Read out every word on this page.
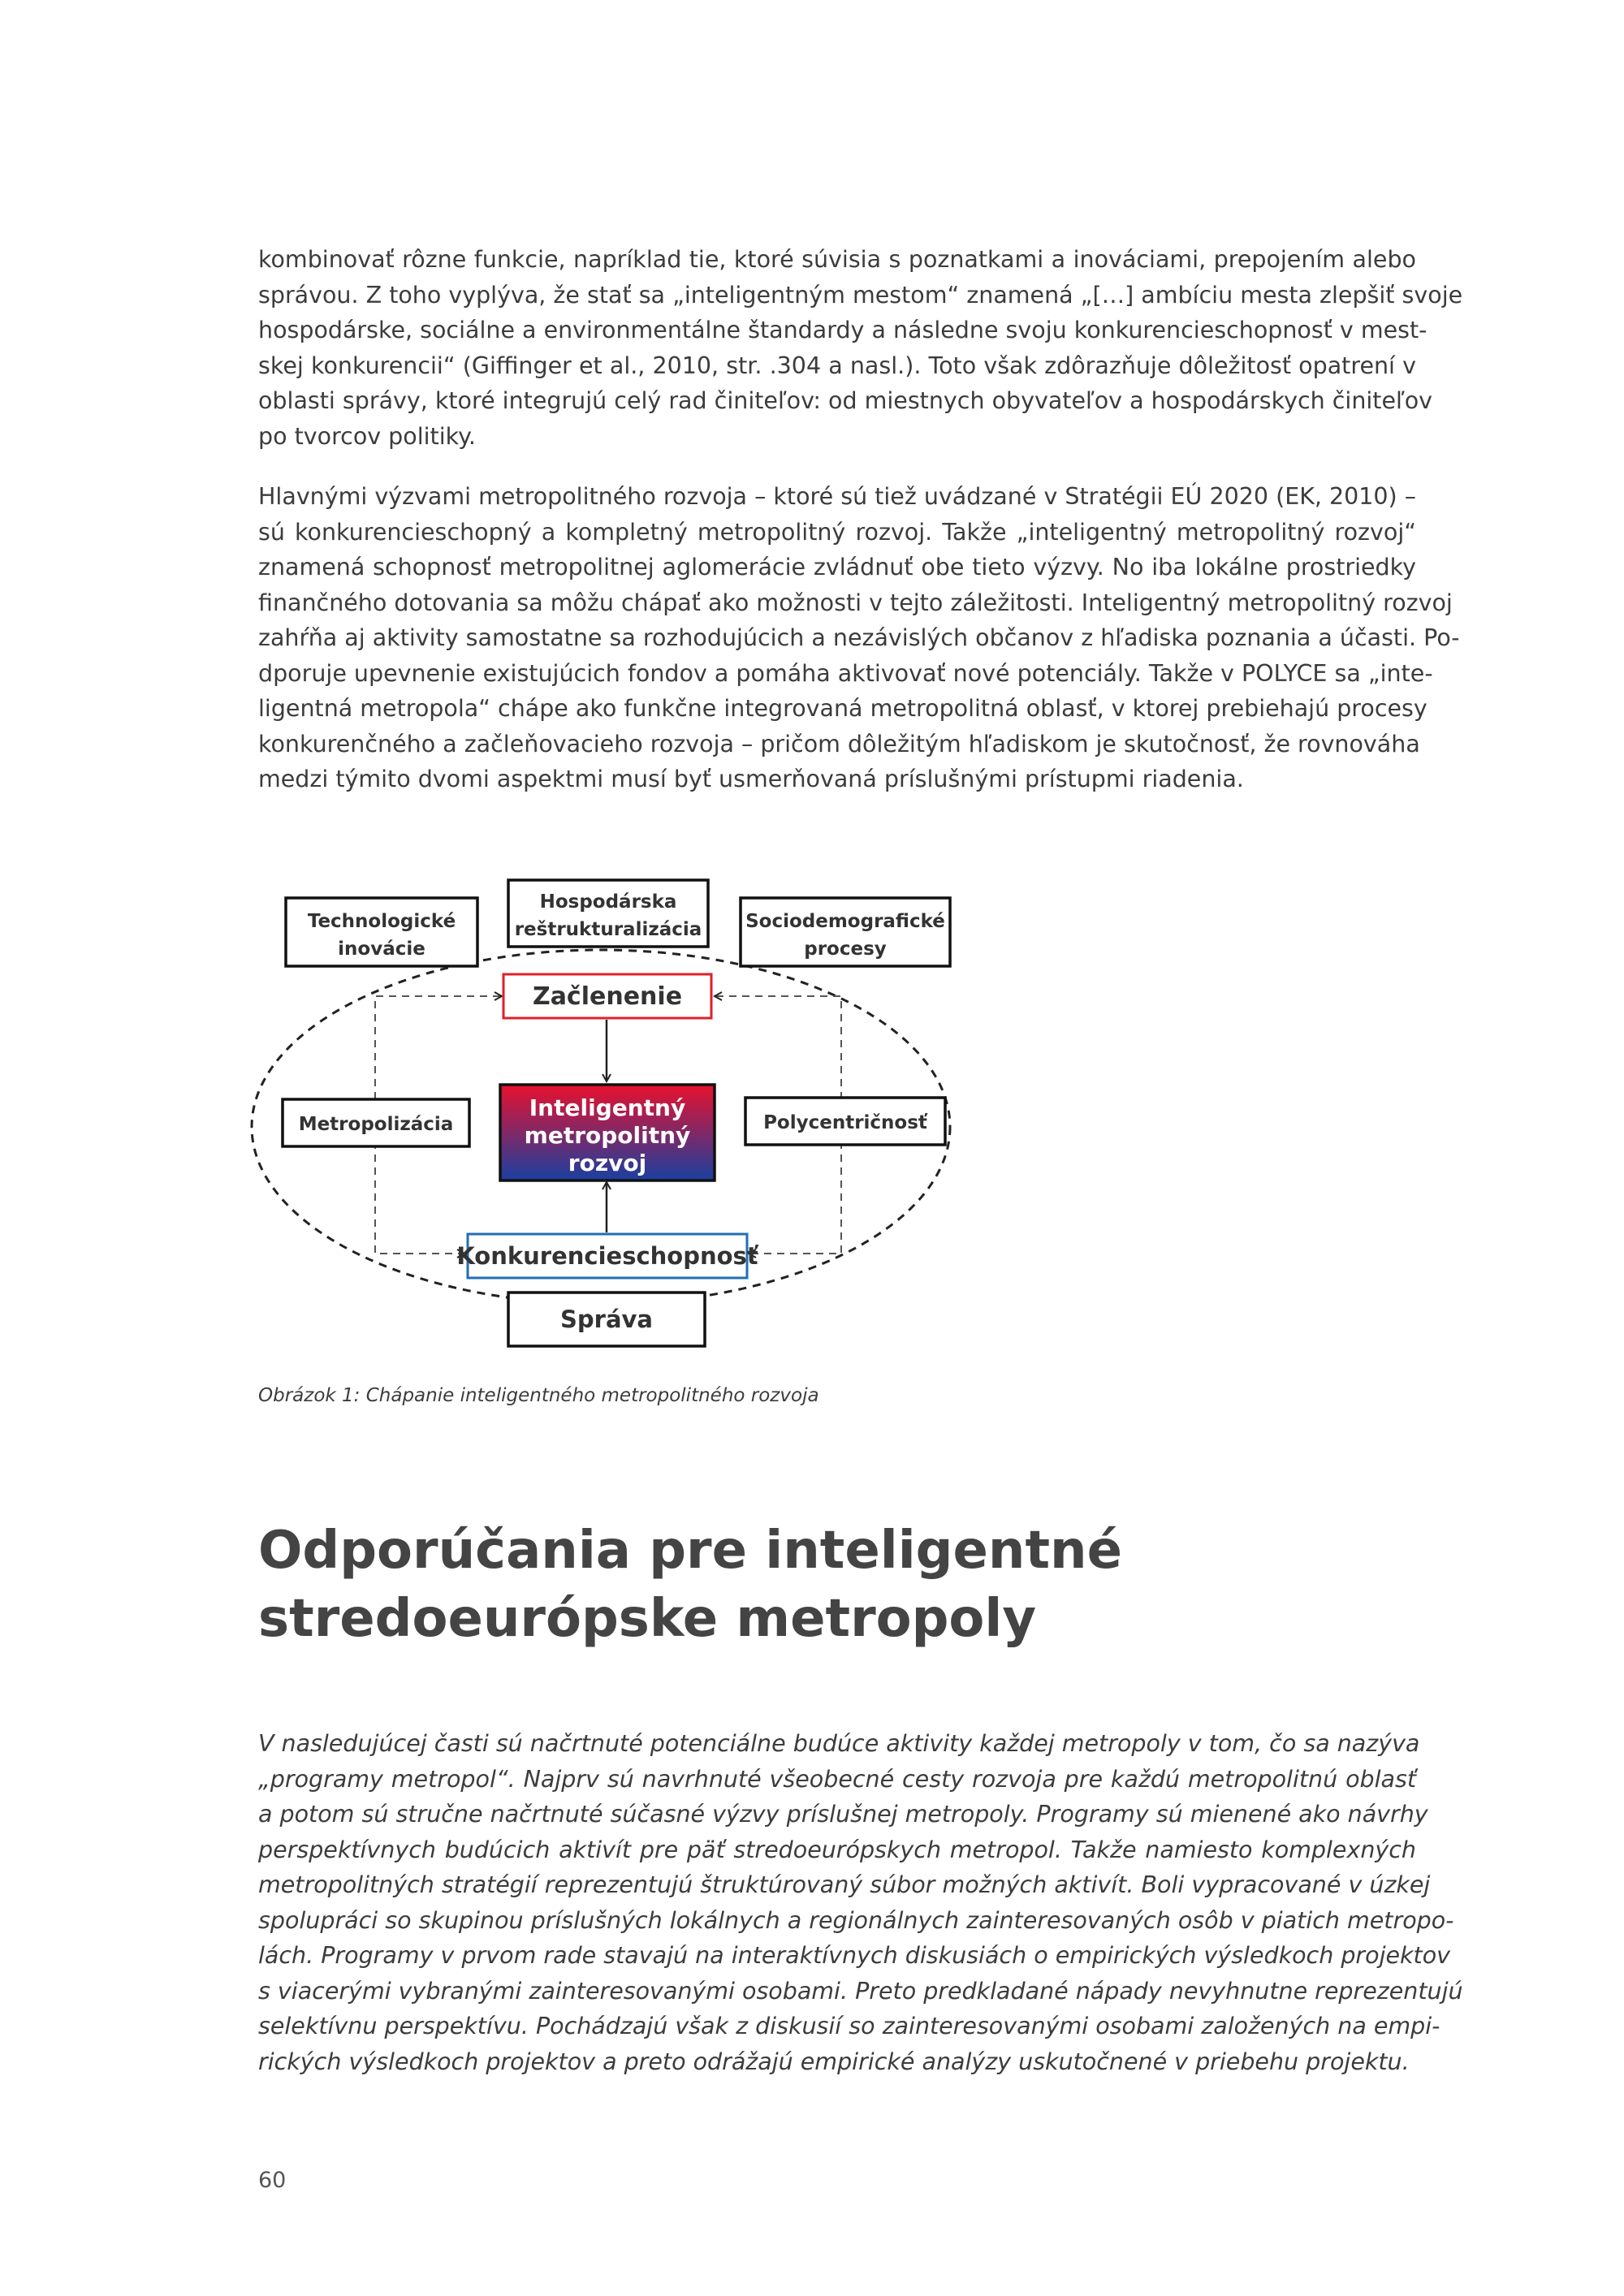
kombinovať rôzne funkcie, napríklad tie, ktoré súvisia s poznatkami a inováciami, prepojením alebo
správou. Z toho vyplýva, že stať sa „inteligentným mestom“ znamená „[…] ambíciu mesta zlepšiť svoje
hospodárske, sociálne a environmentálne štandardy a následne svoju konkurencieschopnosť v mest-
skej konkurencii“ (Giffinger et al., 2010, str. .304 a nasl.). Toto však zdôrazňuje dôležitosť opatrení v
oblasti správy, ktoré integrujú celý rad činiteľov: od miestnych obyvateľov a hospodárskych činiteľov
po tvorcov politiky.
Hlavnými výzvami metropolitného rozvoja – ktoré sú tiež uvádzané v Stratégii EÚ 2020 (EK, 2010) –
sú konkurencieschopný a kompletný metropolitný rozvoj. Takže „inteligentný metropolitný rozvoj“
znamená schopnosť metropolitnej aglomerácie zvládnuť obe tieto výzvy. No iba lokálne prostriedky
finančného dotovania sa môžu chápať ako možnosti v tejto záležitosti. Inteligentný metropolitný rozvoj
zahŕňa aj aktivity samostatne sa rozhodujúcich a nezávislých občanov z hľadiska poznania a účasti. Po-
dporuje upevnenie existujúcich fondov a pomáha aktivovať nové potenciály. Takže v POLYCE sa „inte-
ligentná metropola“ chápe ako funkčne integrovaná metropolitná oblasť, v ktorej prebiehajú procesy
konkurenčného a začleňovacieho rozvoja – pričom dôležitým hľadiskom je skutočnosť, že rovnováha
medzi týmito dvomi aspektmi musí byť usmerňovaná príslušnými prístupmi riadenia.
Technologické
inovácie
Hospodárska
reštrukturalizácia Sociodemografické
procesy
Začlenenie
Metropolizácia
Inteligentný
metropolitný
rozvoj
Polycentričnosť
Konkurencieschopnosť
Správa

Obrázok 1: Chápanie inteligentného metropolitného rozvoja

Odporúčania pre inteligentné
stredoeurópske metropoly
V nasledujúcej časti sú načrtnuté potenciálne budúce aktivity každej metropoly v tom, čo sa nazýva
„programy metropol“. Najprv sú navrhnuté všeobecné cesty rozvoja pre každú metropolitnú oblasť
a potom sú stručne načrtnuté súčasné výzvy príslušnej metropoly. Programy sú mienené ako návrhy
perspektívnych budúcich aktivít pre päť stredoeurópskych metropol. Takže namiesto komplexných
metropolitných stratégií reprezentujú štruktúrovaný súbor možných aktivít. Boli vypracované v úzkej
spolupráci so skupinou príslušných lokálnych a regionálnych zainteresovaných osôb v piatich metropo-
lách. Programy v prvom rade stavajú na interaktívnych diskusiách o empirických výsledkoch projektov
s viacerými vybranými zainteresovanými osobami. Preto predkladané nápady nevyhnutne reprezentujú
selektívnu perspektívu. Pochádzajú však z diskusií so zainteresovanými osobami založených na empi-
rických výsledkoch projektov a preto odrážajú empirické analýzy uskutočnené v priebehu projektu.

60
